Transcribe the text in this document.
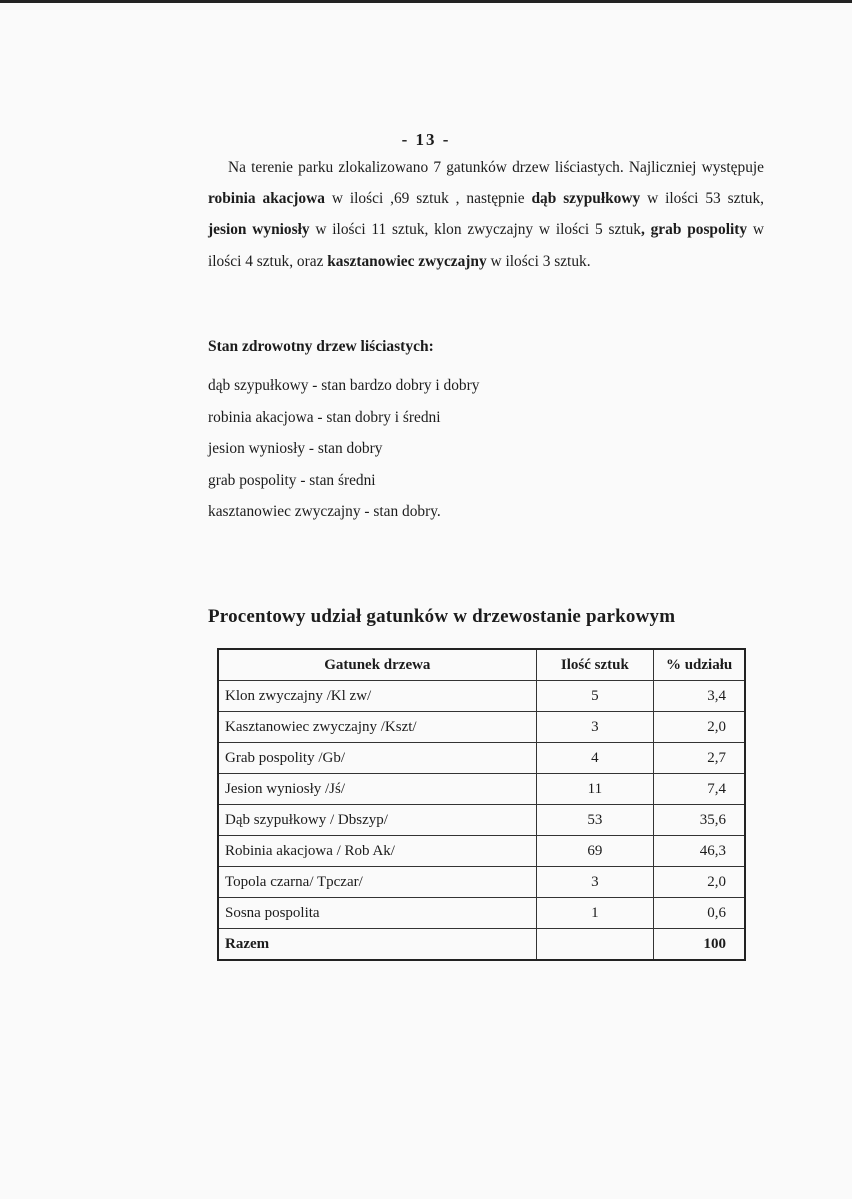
- 13 -

Na terenie parku zlokalizowano 7 gatunków drzew liściastych. Najliczniej występuje robinia akacjowa w ilości ,69 sztuk , następnie dąb szypułkowy w ilości 53 sztuk, jesion wyniosły w ilości 11 sztuk, klon zwyczajny w ilości 5 sztuk, grab pospolity w ilości 4 sztuk, oraz kasztanowiec zwyczajny w ilości 3 sztuk.

Stan zdrowotny drzew liściastych:

dąb szypułkowy - stan bardzo dobry i dobry
robinia akacjowa - stan dobry i średni
jesion wyniosły - stan dobry
grab pospolity - stan średni
kasztanowiec zwyczajny - stan dobry.

Procentowy udział gatunków w drzewostanie parkowym

Gatunek drzewa	Ilość sztuk	% udziału
Klon zwyczajny /Kl zw/	5	3,4
Kasztanowiec zwyczajny /Kszt/	3	2,0
Grab pospolity /Gb/	4	2,7
Jesion wyniosły /Jś/	11	7,4
Dąb szypułkowy / Dbszyp/	53	35,6
Robinia akacjowa / Rob Ak/	69	46,3
Topola czarna/ Tpczar/	3	2,0
Sosna pospolita	1	0,6
Razem		100
